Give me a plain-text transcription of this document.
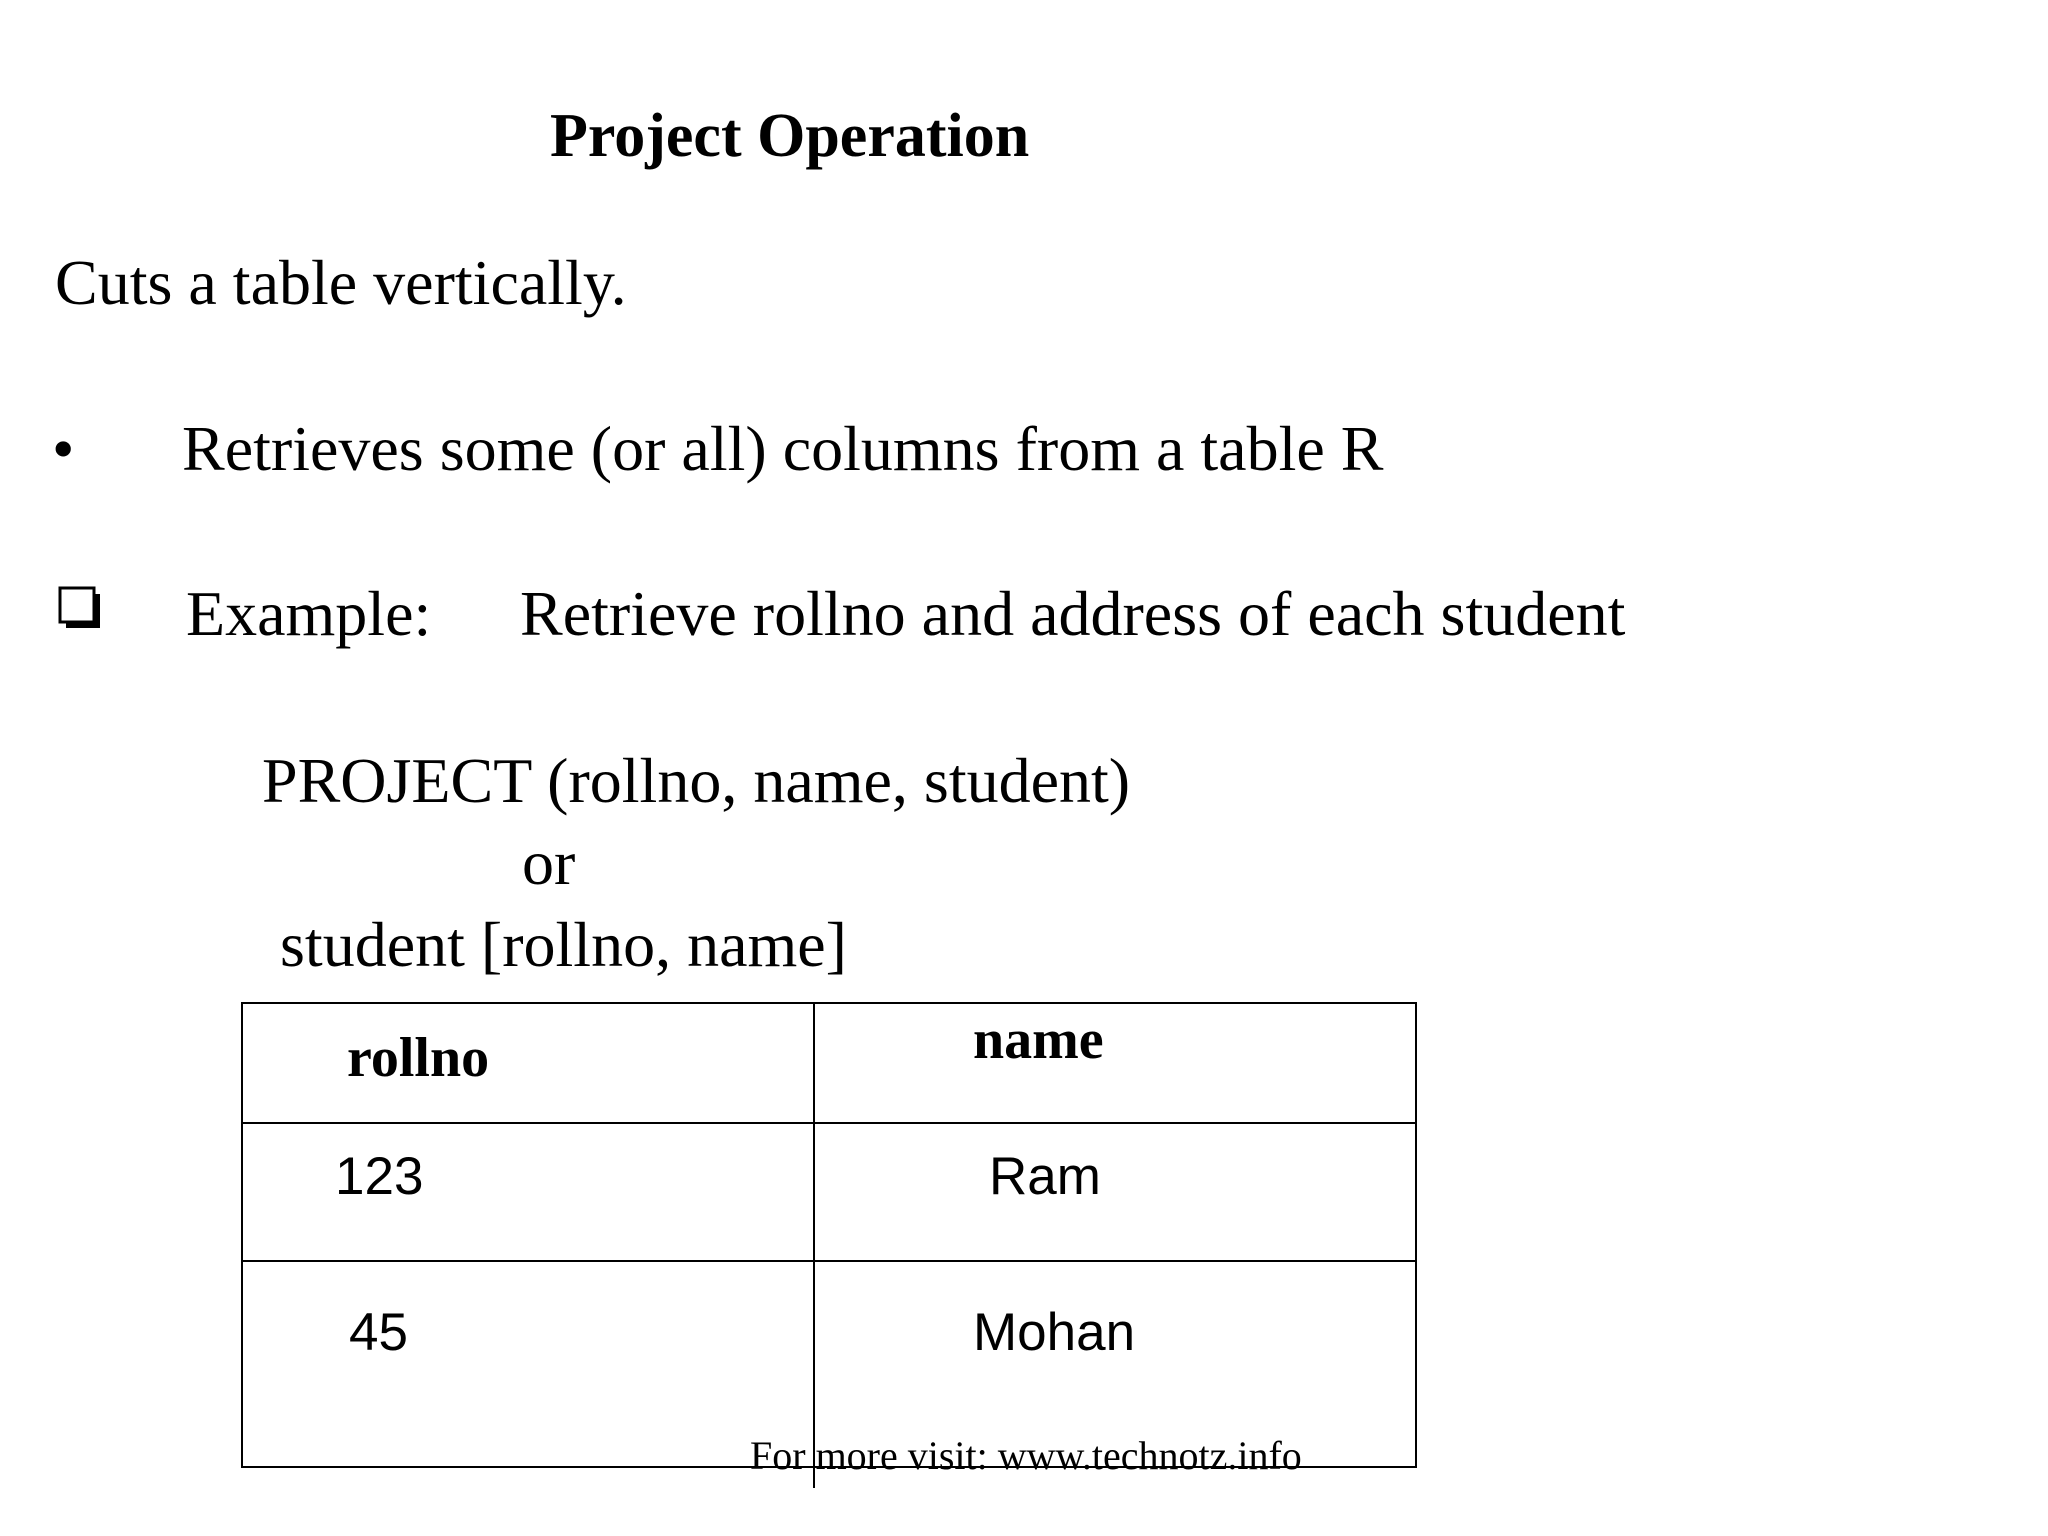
Project Operation
Cuts a table vertically.
• Retrieves some (or all) columns from a table R
Example: Retrieve rollno and address of each student
PROJECT (rollno, name, student)
or
student [rollno, name]
rollno	name
123	Ram
45	Mohan
For more visit: www.technotz.info
